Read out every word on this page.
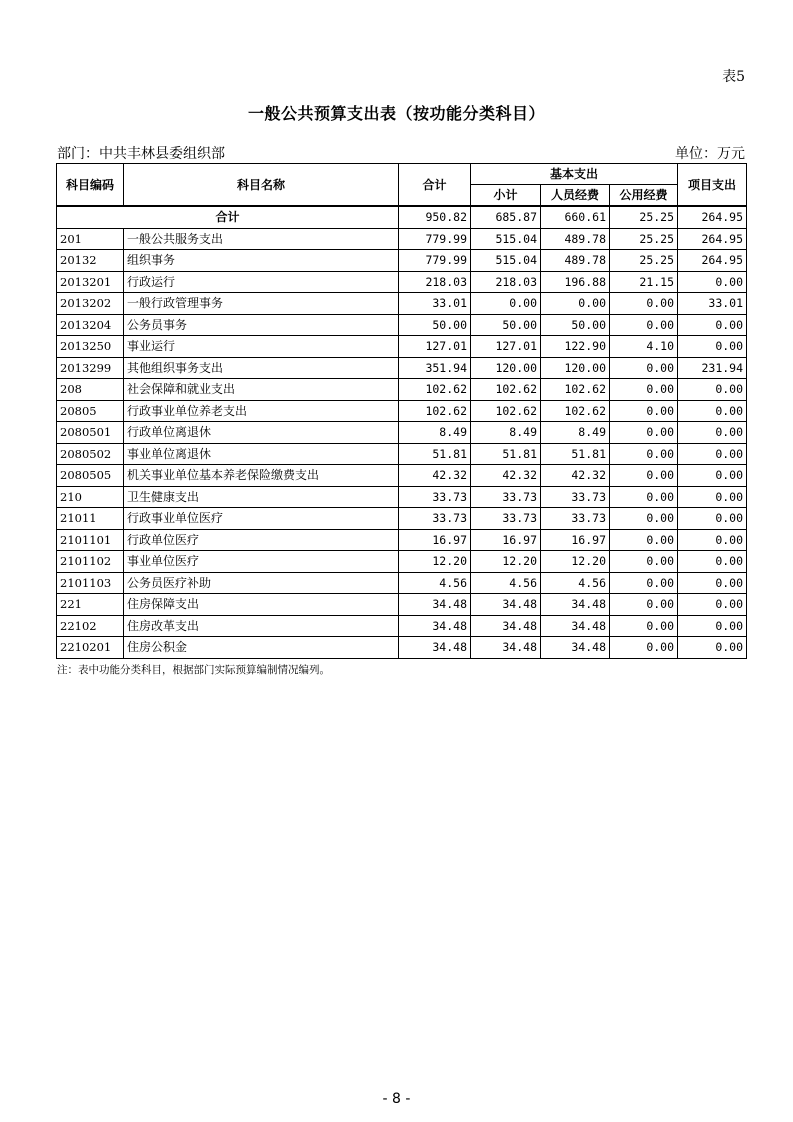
表5
一般公共预算支出表（按功能分类科目）
部门：中共丰林县委组织部	单位：万元
科目编码	科目名称	合计	基本支出			项目支出
			小计	人员经费	公用经费	
合计		950.82	685.87	660.61	25.25	264.95
201	一般公共服务支出	779.99	515.04	489.78	25.25	264.95
20132	组织事务	779.99	515.04	489.78	25.25	264.95
2013201	行政运行	218.03	218.03	196.88	21.15	0.00
2013202	一般行政管理事务	33.01	0.00	0.00	0.00	33.01
2013204	公务员事务	50.00	50.00	50.00	0.00	0.00
2013250	事业运行	127.01	127.01	122.90	4.10	0.00
2013299	其他组织事务支出	351.94	120.00	120.00	0.00	231.94
208	社会保障和就业支出	102.62	102.62	102.62	0.00	0.00
20805	行政事业单位养老支出	102.62	102.62	102.62	0.00	0.00
2080501	行政单位离退休	8.49	8.49	8.49	0.00	0.00
2080502	事业单位离退休	51.81	51.81	51.81	0.00	0.00
2080505	机关事业单位基本养老保险缴费支出	42.32	42.32	42.32	0.00	0.00
210	卫生健康支出	33.73	33.73	33.73	0.00	0.00
21011	行政事业单位医疗	33.73	33.73	33.73	0.00	0.00
2101101	行政单位医疗	16.97	16.97	16.97	0.00	0.00
2101102	事业单位医疗	12.20	12.20	12.20	0.00	0.00
2101103	公务员医疗补助	4.56	4.56	4.56	0.00	0.00
221	住房保障支出	34.48	34.48	34.48	0.00	0.00
22102	住房改革支出	34.48	34.48	34.48	0.00	0.00
2210201	住房公积金	34.48	34.48	34.48	0.00	0.00
注：表中功能分类科目，根据部门实际预算编制情况编列。
- 8 -
